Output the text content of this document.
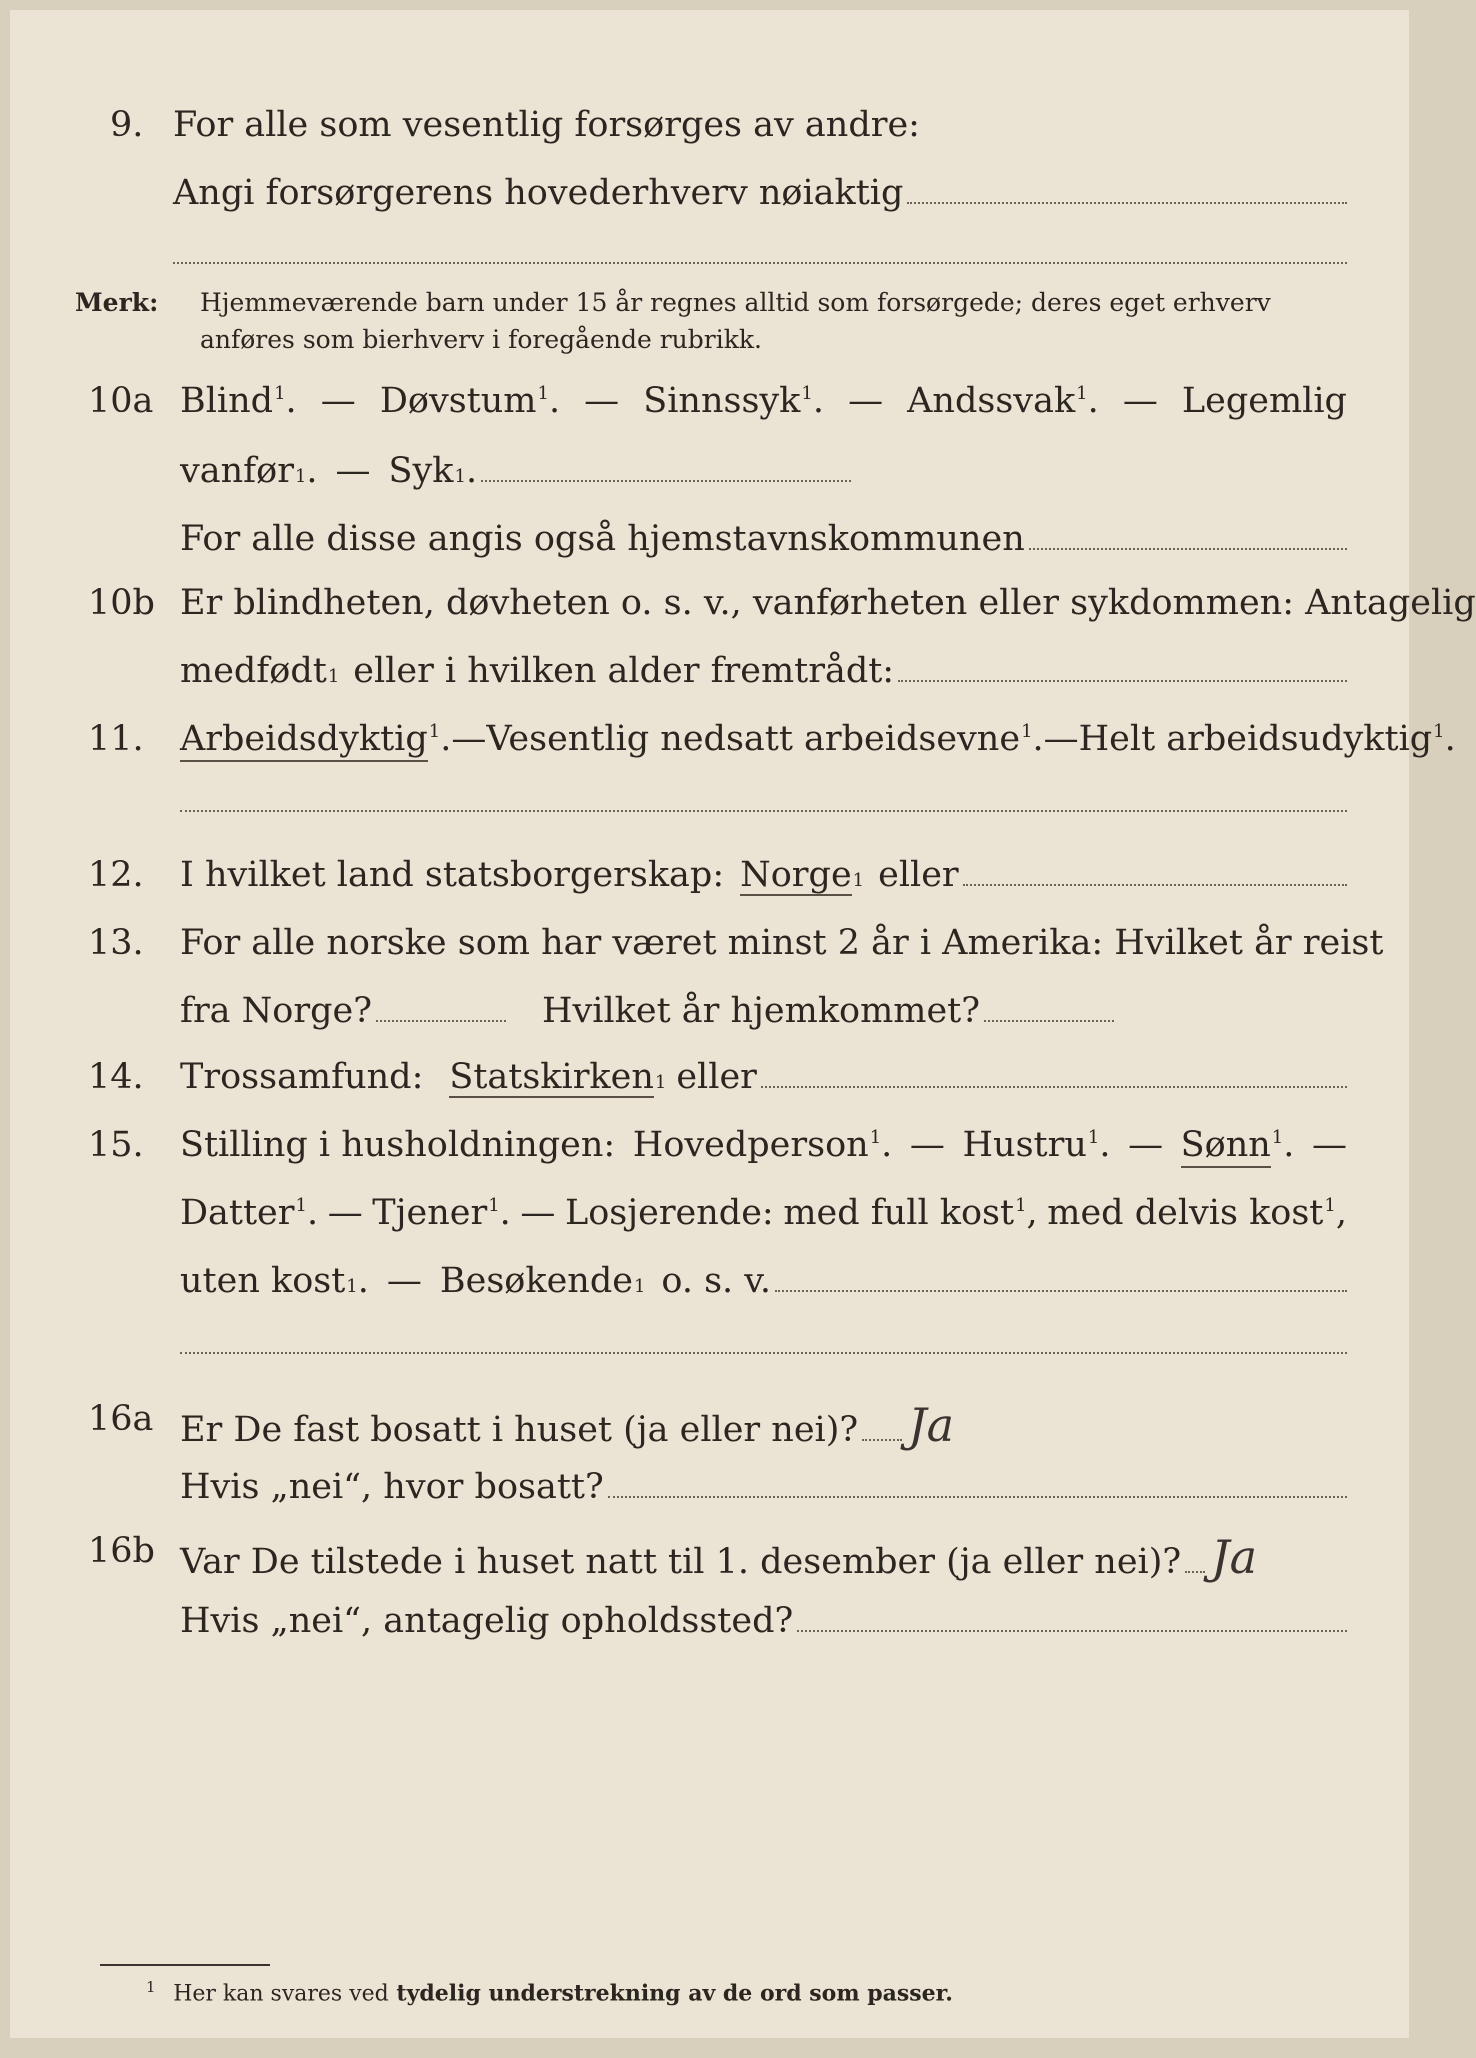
9. For alle som vesentlig forsørges av andre:
Angi forsørgerens hovederhverv nøiaktig
Merk: Hjemmeværende barn under 15 år regnes alltid som forsørgede; deres eget erhverv
anføres som bierhverv i foregående rubrikk.
10a Blind$^1$. — Døvstum$^1$. — Sinnssyk$^1$. — Andssvak$^1$. — Legemlig
vanfør 1 . — Syk 1 .
For alle disse angis også hjemstavnskommunen
10b Er blindheten, døvheten o. s. v., vanførheten eller sykdommen: Antagelig
medfødt 1 eller i hvilken alder fremtrådt:
11. Arbeidsdyktig$^1$. — Vesentlig nedsatt arbeidsevne$^1$. — Helt arbeidsudyktig$^1$.
12. I hvilket land statsborgerskap: Norge 1 eller
13. For alle norske som har været minst 2 år i Amerika: Hvilket år reist
fra Norge?	Hvilket år hjemkommet?
14. Trossamfund: Statskirken 1 eller
15. Stilling i husholdningen: Hovedperson$^1$. — Hustru$^1$. — Sønn$^1$. —
Datter$^1$. — Tjener$^1$. — Losjerende: med full kost$^1$, med delvis kost$^1$,
uten kost 1 . — Besøkende 1 o. s. v.
16a Er De fast bosatt i huset (ja eller nei)? Ja
Hvis „nei“, hvor bosatt?
16b Var De tilstede i huset natt til 1. desember (ja eller nei)? Ja
Hvis „nei“, antagelig opholdssted?
$^1$ Her kan svares ved tydelig understrekning av de ord som passer.
